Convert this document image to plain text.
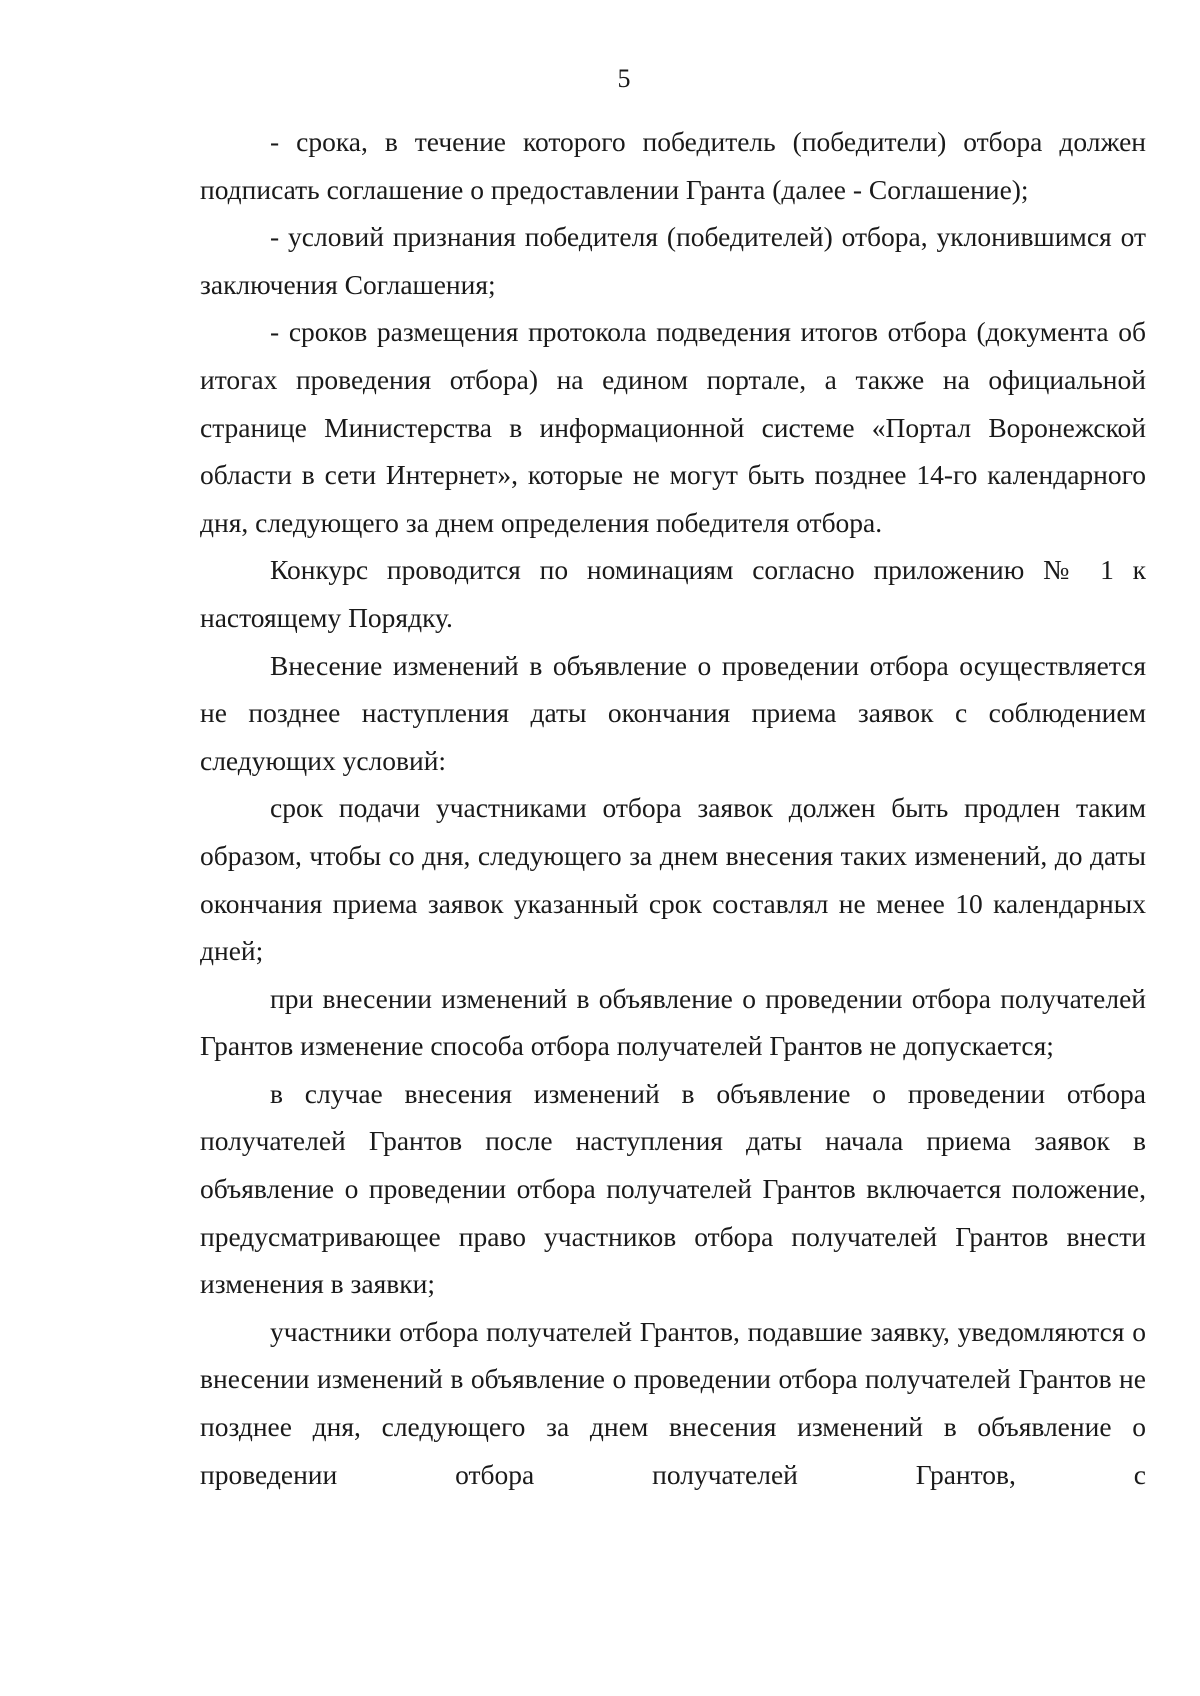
5

- срока, в течение которого победитель (победители) отбора должен подписать соглашение о предоставлении Гранта (далее - Соглашение);

- условий признания победителя (победителей) отбора, уклонившимся от заключения Соглашения;

- сроков размещения протокола подведения итогов отбора (документа об итогах проведения отбора) на едином портале, а также на официальной странице Министерства в информационной системе «Портал Воронежской области в сети Интернет», которые не могут быть позднее 14-го календарного дня, следующего за днем определения победителя отбора.

Конкурс проводится по номинациям согласно приложению № 1 к настоящему Порядку.

Внесение изменений в объявление о проведении отбора осуществляется не позднее наступления даты окончания приема заявок с соблюдением следующих условий:

срок подачи участниками отбора заявок должен быть продлен таким образом, чтобы со дня, следующего за днем внесения таких изменений, до даты окончания приема заявок указанный срок составлял не менее 10 календарных дней;

при внесении изменений в объявление о проведении отбора получателей Грантов изменение способа отбора получателей Грантов не допускается;

в случае внесения изменений в объявление о проведении отбора получателей Грантов после наступления даты начала приема заявок в объявление о проведении отбора получателей Грантов включается положение, предусматривающее право участников отбора получателей Грантов внести изменения в заявки;

участники отбора получателей Грантов, подавшие заявку, уведомляются о внесении изменений в объявление о проведении отбора получателей Грантов не позднее дня, следующего за днем внесения изменений в объявление о проведении отбора получателей Грантов, с
